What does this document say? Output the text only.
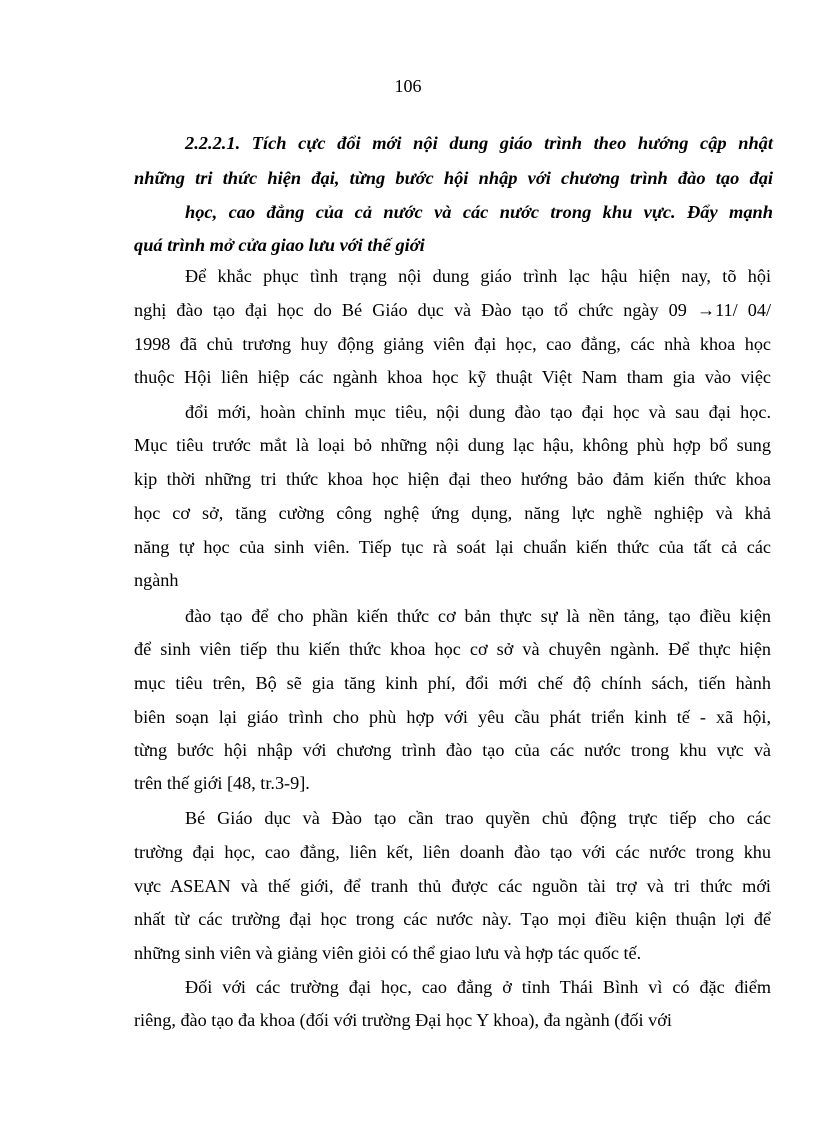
106
2.2.2.1. Tích cực đổi mới nội dung giáo trình theo hướng cập nhật
những tri thức hiện đại, từng bước hội nhập với chương trình đào tạo đại
học, cao đẳng của cả nước và các nước trong khu vực. Đẩy mạnh
quá trình mở cửa giao lưu với thế giới
Để khắc phục tình trạng nội dung giáo trình lạc hậu hiện nay, tõ hội
nghị đào tạo đại học do Bé Giáo dục và Đào tạo tổ chức ngày 09 →11/ 04/
1998 đã chủ trương huy động giảng viên đại học, cao đẳng, các nhà khoa học
thuộc Hội liên hiệp các ngành khoa học kỹ thuật Việt Nam tham gia vào việc
đổi mới, hoàn chỉnh mục tiêu, nội dung đào tạo đại học và sau đại học.
Mục tiêu trước mắt là loại bỏ những nội dung lạc hậu, không phù hợp bổ sung
kịp thời những tri thức khoa học hiện đại theo hướng bảo đảm kiến thức khoa
học cơ sở, tăng cường công nghệ ứng dụng, năng lực nghề nghiệp và khả
năng tự học của sinh viên. Tiếp tục rà soát lại chuẩn kiến thức của tất cả các
ngành
đào tạo để cho phần kiến thức cơ bản thực sự là nền tảng, tạo điều kiện
để sinh viên tiếp thu kiến thức khoa học cơ sở và chuyên ngành. Để thực hiện
mục tiêu trên, Bộ sẽ gia tăng kinh phí, đổi mới chế độ chính sách, tiến hành
biên soạn lại giáo trình cho phù hợp với yêu cầu phát triển kinh tế - xã hội,
từng bước hội nhập với chương trình đào tạo của các nước trong khu vực và
trên thế giới [48, tr.3-9].
Bé Giáo dục và Đào tạo cần trao quyền chủ động trực tiếp cho các
trường đại học, cao đẳng, liên kết, liên doanh đào tạo với các nước trong khu
vực ASEAN và thế giới, để tranh thủ được các nguồn tài trợ và tri thức mới
nhất từ các trường đại học trong các nước này. Tạo mọi điều kiện thuận lợi để
những sinh viên và giảng viên giỏi có thể giao lưu và hợp tác quốc tế.
Đối với các trường đại học, cao đẳng ở tỉnh Thái Bình vì có đặc điểm
riêng, đào tạo đa khoa (đối với trường Đại học Y khoa), đa ngành (đối với
